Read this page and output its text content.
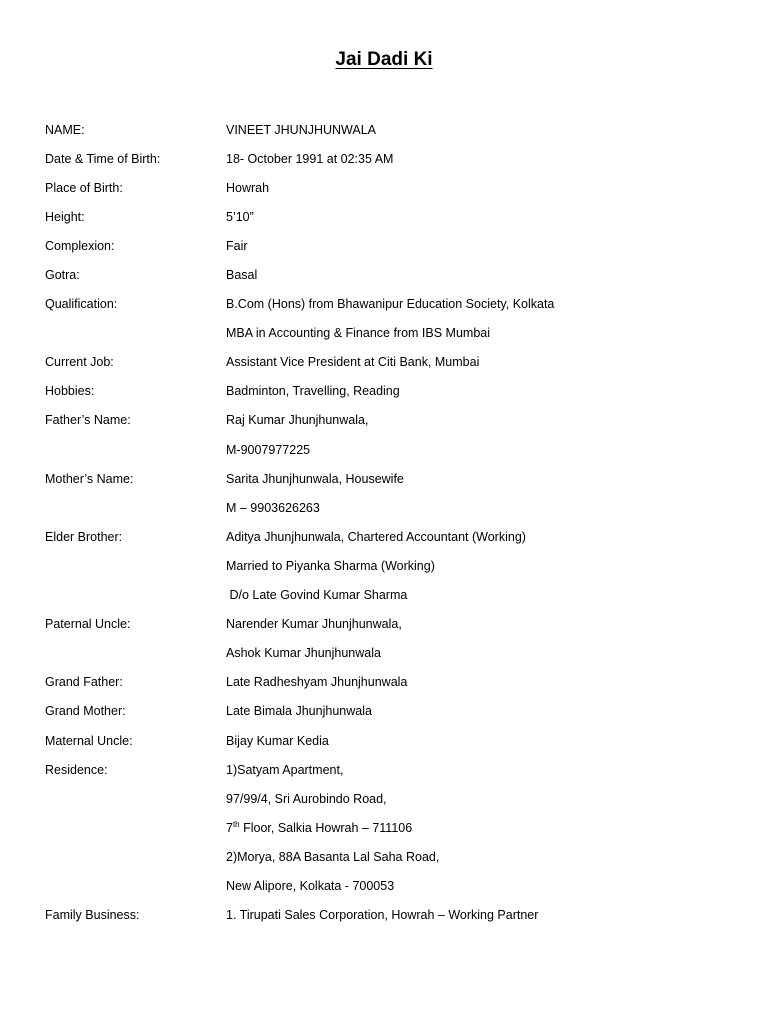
Jai Dadi Ki
NAME:	VINEET JHUNJHUNWALA
Date & Time of Birth:	18- October 1991 at 02:35 AM
Place of Birth:	Howrah
Height:	5’10”
Complexion:	Fair
Gotra:	Basal
Qualification:	B.Com (Hons) from Bhawanipur Education Society, Kolkata
MBA in Accounting & Finance from IBS Mumbai
Current Job:	Assistant Vice President at Citi Bank, Mumbai
Hobbies:	Badminton, Travelling, Reading
Father’s Name:	Raj Kumar Jhunjhunwala,
M-9007977225
Mother’s Name:	Sarita Jhunjhunwala, Housewife
M – 9903626263
Elder Brother:	Aditya Jhunjhunwala, Chartered Accountant (Working)
Married to Piyanka Sharma (Working)
D/o Late Govind Kumar Sharma
Paternal Uncle:	Narender Kumar Jhunjhunwala,
Ashok Kumar Jhunjhunwala
Grand Father:	Late Radheshyam Jhunjhunwala
Grand Mother:	Late Bimala Jhunjhunwala
Maternal Uncle:	Bijay Kumar Kedia
Residence:	1)Satyam Apartment,
97/99/4, Sri Aurobindo Road,
7th Floor, Salkia Howrah – 711106
2)Morya, 88A Basanta Lal Saha Road,
New Alipore, Kolkata - 700053
Family Business:	1. Tirupati Sales Corporation, Howrah – Working Partner
